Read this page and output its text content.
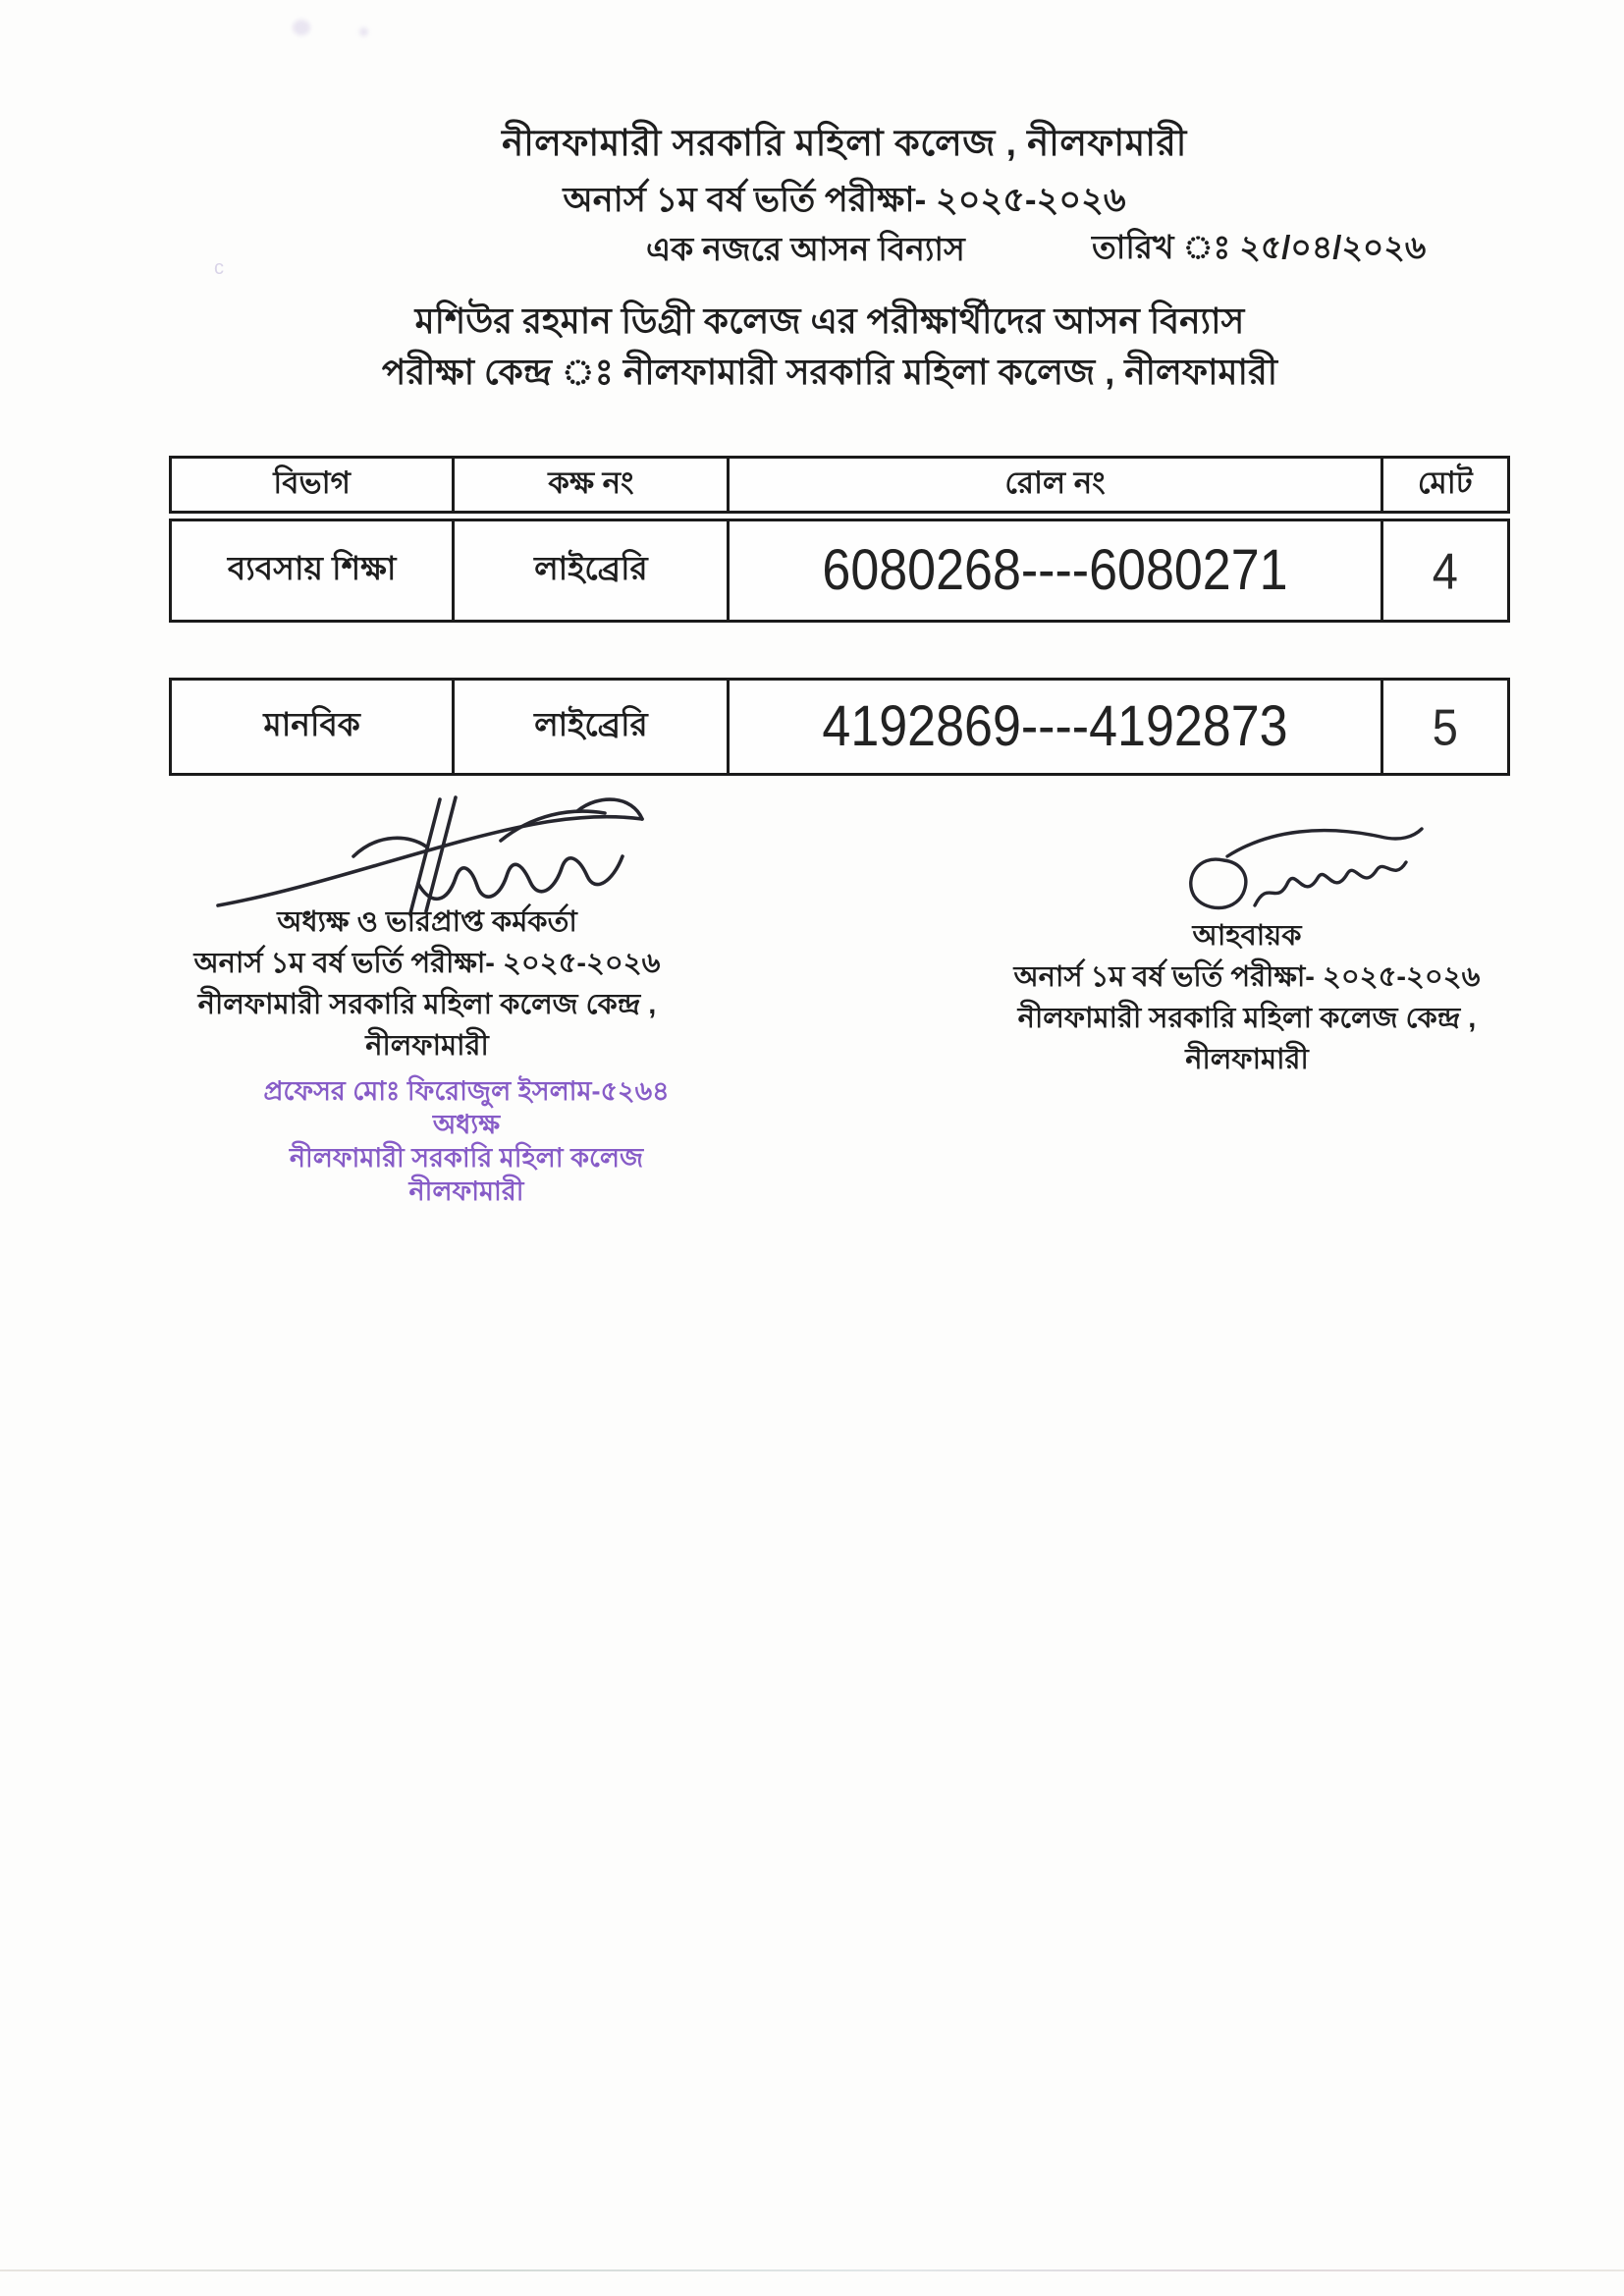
নীলফামারী সরকারি মহিলা কলেজ , নীলফামারী
অনার্স ১ম বর্ষ ভর্তি পরীক্ষা- ২০২৫-২০২৬
এক নজরে আসন বিন্যাস	তারিখ ঃ ২৫/০৪/২০২৬
মশিউর রহমান ডিগ্রী কলেজ এর পরীক্ষার্থীদের আসন বিন্যাস
পরীক্ষা কেন্দ্র ঃ নীলফামারী সরকারি মহিলা কলেজ , নীলফামারী
বিভাগ	কক্ষ নং	রোল নং	মোট
ব্যবসায় শিক্ষা	লাইব্রেরি	6080268----6080271	4
মানবিক	লাইব্রেরি	4192869----4192873	5
অধ্যক্ষ ও ভারপ্রাপ্ত কর্মকর্তা
অনার্স ১ম বর্ষ ভর্তি পরীক্ষা- ২০২৫-২০২৬
নীলফামারী সরকারি মহিলা কলেজ কেন্দ্র ,
নীলফামারী
আহবায়ক
অনার্স ১ম বর্ষ ভর্তি পরীক্ষা- ২০২৫-২০২৬
নীলফামারী সরকারি মহিলা কলেজ কেন্দ্র ,
নীলফামারী
প্রফেসর মোঃ ফিরোজুল ইসলাম-৫২৬৪
অধ্যক্ষ
নীলফামারী সরকারি মহিলা কলেজ
নীলফামারী
c
